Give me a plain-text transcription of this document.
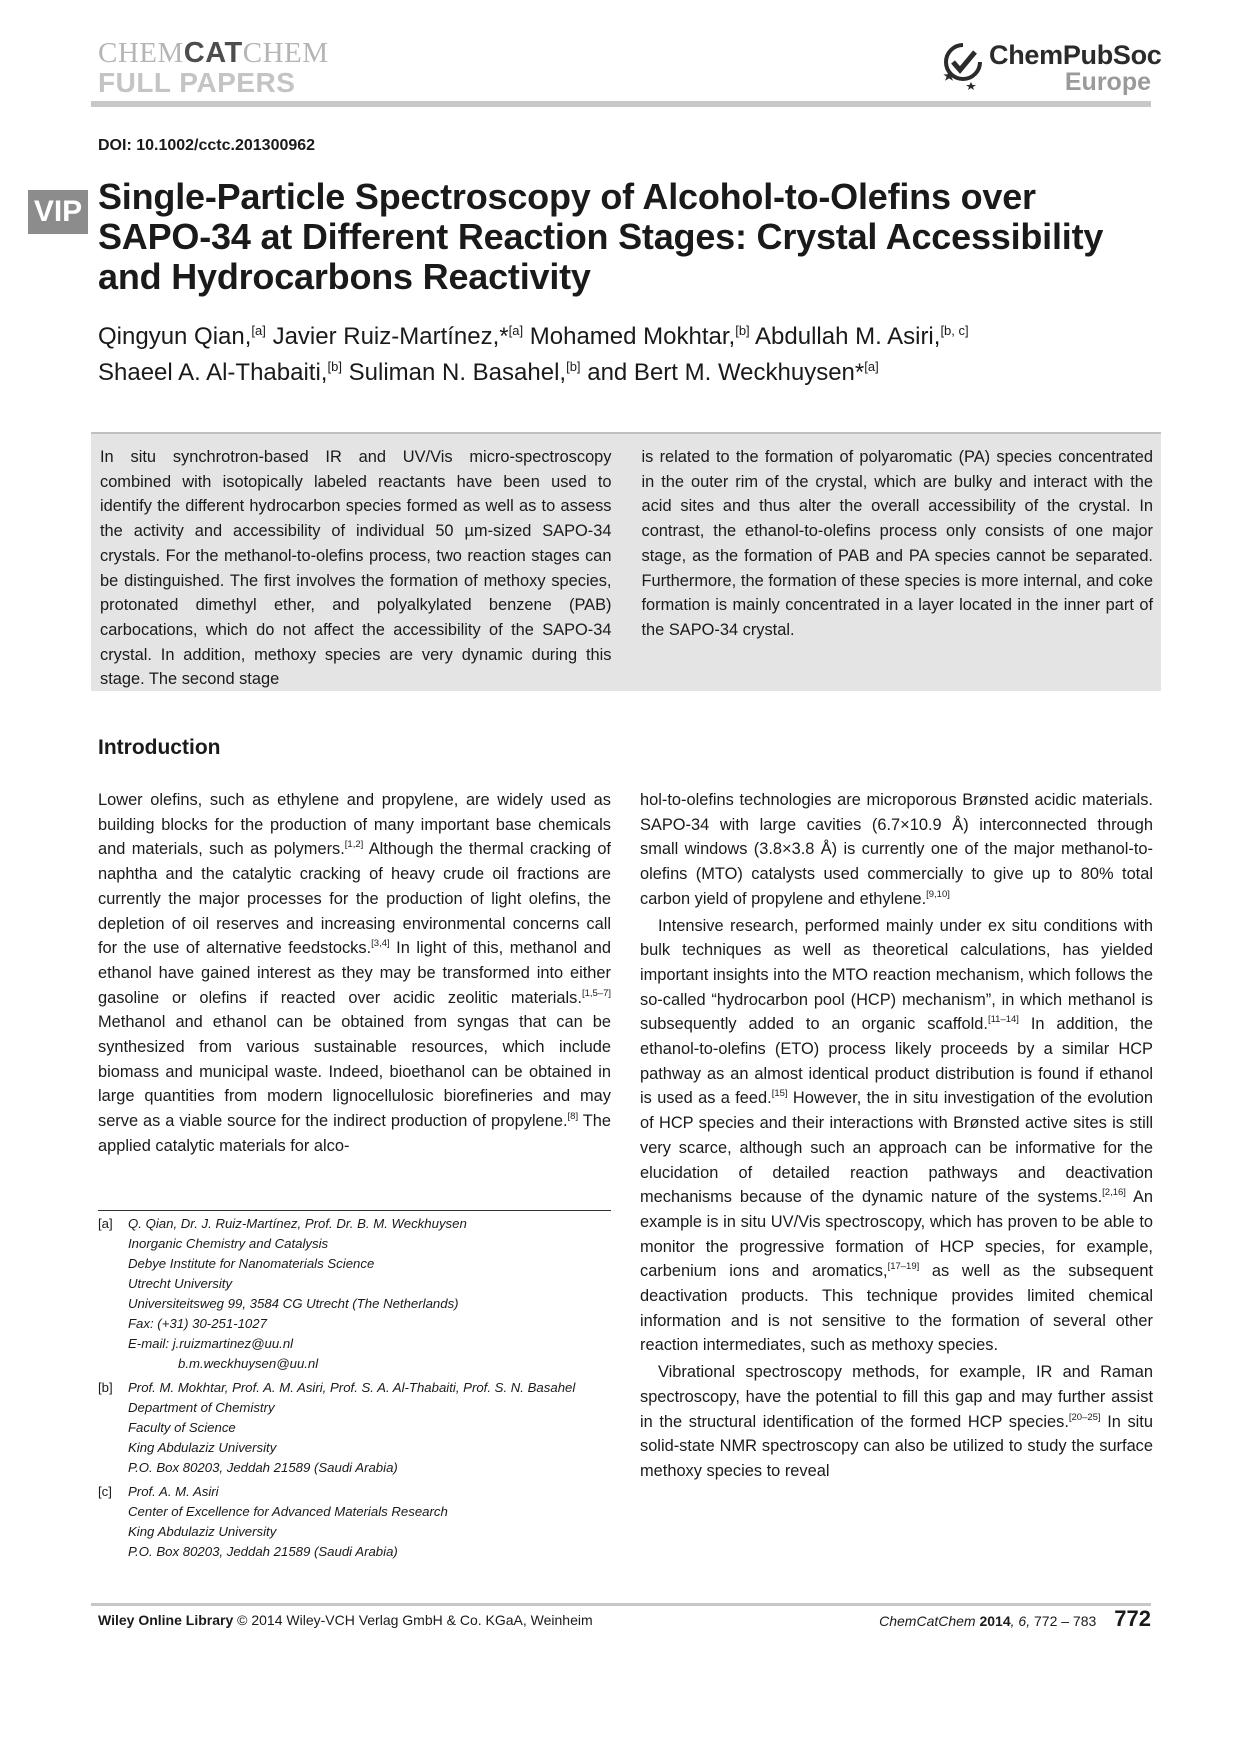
CHEMCATCHEM
FULL PAPERS
ChemPubSoc
Europe
DOI: 10.1002/cctc.201300962
VIP Single-Particle Spectroscopy of Alcohol-to-Olefins over SAPO-34 at Different Reaction Stages: Crystal Accessibility and Hydrocarbons Reactivity
Qingyun Qian,[a] Javier Ruiz-Martínez,*[a] Mohamed Mokhtar,[b] Abdullah M. Asiri,[b, c]
Shaeel A. Al-Thabaiti,[b] Suliman N. Basahel,[b] and Bert M. Weckhuysen*[a]
In situ synchrotron-based IR and UV/Vis micro-spectroscopy combined with isotopically labeled reactants have been used to identify the different hydrocarbon species formed as well as to assess the activity and accessibility of individual 50 µm-sized SAPO-34 crystals. For the methanol-to-olefins process, two reaction stages can be distinguished. The first involves the formation of methoxy species, protonated dimethyl ether, and polyalkylated benzene (PAB) carbocations, which do not affect the accessibility of the SAPO-34 crystal. In addition, methoxy species are very dynamic during this stage. The second stage
is related to the formation of polyaromatic (PA) species concentrated in the outer rim of the crystal, which are bulky and interact with the acid sites and thus alter the overall accessibility of the crystal. In contrast, the ethanol-to-olefins process only consists of one major stage, as the formation of PAB and PA species cannot be separated. Furthermore, the formation of these species is more internal, and coke formation is mainly concentrated in a layer located in the inner part of the SAPO-34 crystal.
Introduction

Lower olefins, such as ethylene and propylene, are widely used as building blocks for the production of many important base chemicals and materials, such as polymers.[1,2] Although the thermal cracking of naphtha and the catalytic cracking of heavy crude oil fractions are currently the major processes for the production of light olefins, the depletion of oil reserves and increasing environmental concerns call for the use of alternative feedstocks.[3,4] In light of this, methanol and ethanol have gained interest as they may be transformed into either gasoline or olefins if reacted over acidic zeolitic materials.[1,5–7] Methanol and ethanol can be obtained from syngas that can be synthesized from various sustainable resources, which include biomass and municipal waste. Indeed, bioethanol can be obtained in large quantities from modern lignocellulosic biorefineries and may serve as a viable source for the indirect production of propylene.[8] The applied catalytic materials for alco-

hol-to-olefins technologies are microporous Brønsted acidic materials. SAPO-34 with large cavities (6.7×10.9 Å) interconnected through small windows (3.8×3.8 Å) is currently one of the major methanol-to-olefins (MTO) catalysts used commercially to give up to 80% total carbon yield of propylene and ethylene.[9,10]

Intensive research, performed mainly under ex situ conditions with bulk techniques as well as theoretical calculations, has yielded important insights into the MTO reaction mechanism, which follows the so-called “hydrocarbon pool (HCP) mechanism”, in which methanol is subsequently added to an organic scaffold.[11–14] In addition, the ethanol-to-olefins (ETO) process likely proceeds by a similar HCP pathway as an almost identical product distribution is found if ethanol is used as a feed.[15] However, the in situ investigation of the evolution of HCP species and their interactions with Brønsted active sites is still very scarce, although such an approach can be informative for the elucidation of detailed reaction pathways and deactivation mechanisms because of the dynamic nature of the systems.[2,16] An example is in situ UV/Vis spectroscopy, which has proven to be able to monitor the progressive formation of HCP species, for example, carbenium ions and aromatics,[17–19] as well as the subsequent deactivation products. This technique provides limited chemical information and is not sensitive to the formation of several other reaction intermediates, such as methoxy species.

Vibrational spectroscopy methods, for example, IR and Raman spectroscopy, have the potential to fill this gap and may further assist in the structural identification of the formed HCP species.[20–25] In situ solid-state NMR spectroscopy can also be utilized to study the surface methoxy species to reveal

[a]	Q. Qian, Dr. J. Ruiz-Martínez, Prof. Dr. B. M. Weckhuysen
Inorganic Chemistry and Catalysis
Debye Institute for Nanomaterials Science
Utrecht University
Universiteitsweg 99, 3584 CG Utrecht (The Netherlands)
Fax: (+31) 30-251-1027
E-mail: j.ruizmartinez@uu.nl
b.m.weckhuysen@uu.nl
[b]	Prof. M. Mokhtar, Prof. A. M. Asiri, Prof. S. A. Al-Thabaiti, Prof. S. N. Basahel
Department of Chemistry
Faculty of Science
King Abdulaziz University
P.O. Box 80203, Jeddah 21589 (Saudi Arabia)
[c]	Prof. A. M. Asiri
Center of Excellence for Advanced Materials Research
King Abdulaziz University
P.O. Box 80203, Jeddah 21589 (Saudi Arabia)
Wiley Online Library © 2014 Wiley-VCH Verlag GmbH & Co. KGaA, Weinheim	ChemCatChem 2014, 6, 772 – 783 772
